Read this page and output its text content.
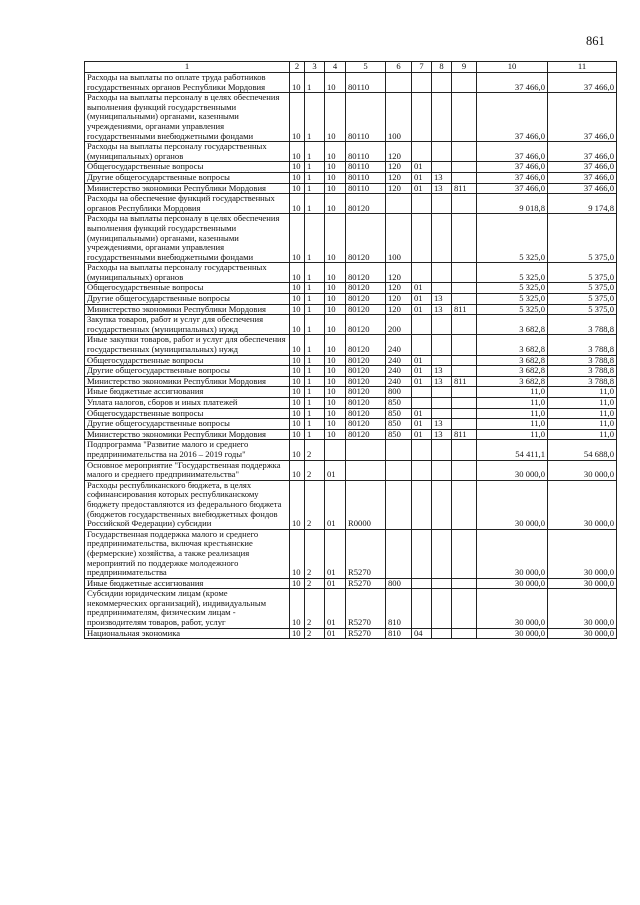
861
1	2	3	4	5	6	7	8	9	10	11
Расходы на выплаты по оплате труда работников государственных органов Республики Мордовия	10	1	10	80110					37 466,0	37 466,0
Расходы на выплаты персоналу в целях обеспечения выполнения функций государственными (муниципальными) органами, казенными учреждениями, органами управления государственными внебюджетными фондами	10	1	10	80110	100				37 466,0	37 466,0
Расходы на выплаты персоналу государственных (муниципальных) органов	10	1	10	80110	120				37 466,0	37 466,0
Общегосударственные вопросы	10	1	10	80110	120	01			37 466,0	37 466,0
Другие общегосударственные вопросы	10	1	10	80110	120	01	13		37 466,0	37 466,0
Министерство экономики Республики Мордовия	10	1	10	80110	120	01	13	811	37 466,0	37 466,0
Расходы на обеспечение функций государственных органов Республики Мордовия	10	1	10	80120					9 018,8	9 174,8
Расходы на выплаты персоналу в целях обеспечения выполнения функций государственными (муниципальными) органами, казенными учреждениями, органами управления государственными внебюджетными фондами	10	1	10	80120	100				5 325,0	5 375,0
Расходы на выплаты персоналу государственных (муниципальных) органов	10	1	10	80120	120				5 325,0	5 375,0
Общегосударственные вопросы	10	1	10	80120	120	01			5 325,0	5 375,0
Другие общегосударственные вопросы	10	1	10	80120	120	01	13		5 325,0	5 375,0
Министерство экономики Республики Мордовия	10	1	10	80120	120	01	13	811	5 325,0	5 375,0
Закупка товаров, работ и услуг для обеспечения государственных (муниципальных) нужд	10	1	10	80120	200				3 682,8	3 788,8
Иные закупки товаров, работ и услуг для обеспечения государственных (муниципальных) нужд	10	1	10	80120	240				3 682,8	3 788,8
Общегосударственные вопросы	10	1	10	80120	240	01			3 682,8	3 788,8
Другие общегосударственные вопросы	10	1	10	80120	240	01	13		3 682,8	3 788,8
Министерство экономики Республики Мордовия	10	1	10	80120	240	01	13	811	3 682,8	3 788,8
Иные бюджетные ассигнования	10	1	10	80120	800				11,0	11,0
Уплата налогов, сборов и иных платежей	10	1	10	80120	850				11,0	11,0
Общегосударственные вопросы	10	1	10	80120	850	01			11,0	11,0
Другие общегосударственные вопросы	10	1	10	80120	850	01	13		11,0	11,0
Министерство экономики Республики Мордовия	10	1	10	80120	850	01	13	811	11,0	11,0
Подпрограмма "Развитие малого и среднего предпринимательства на 2016 – 2019 годы"	10	2							54 411,1	54 688,0
Основное мероприятие "Государственная поддержка малого и среднего предпринимательства"	10	2	01						30 000,0	30 000,0
Расходы республиканского бюджета, в целях софинансирования которых республиканскому бюджету предоставляются из федерального бюджета (бюджетов государственных внебюджетных фондов Российской Федерации) субсидии	10	2	01	R0000					30 000,0	30 000,0
Государственная поддержка малого и среднего предпринимательства, включая крестьянские (фермерские) хозяйства, а также реализация мероприятий по поддержке молодежного предпринимательства	10	2	01	R5270					30 000,0	30 000,0
Иные бюджетные ассигнования	10	2	01	R5270	800				30 000,0	30 000,0
Субсидии юридическим лицам (кроме некоммерческих организаций), индивидуальным предпринимателям, физическим лицам - производителям товаров, работ, услуг	10	2	01	R5270	810				30 000,0	30 000,0
Национальная экономика	10	2	01	R5270	810	04			30 000,0	30 000,0
